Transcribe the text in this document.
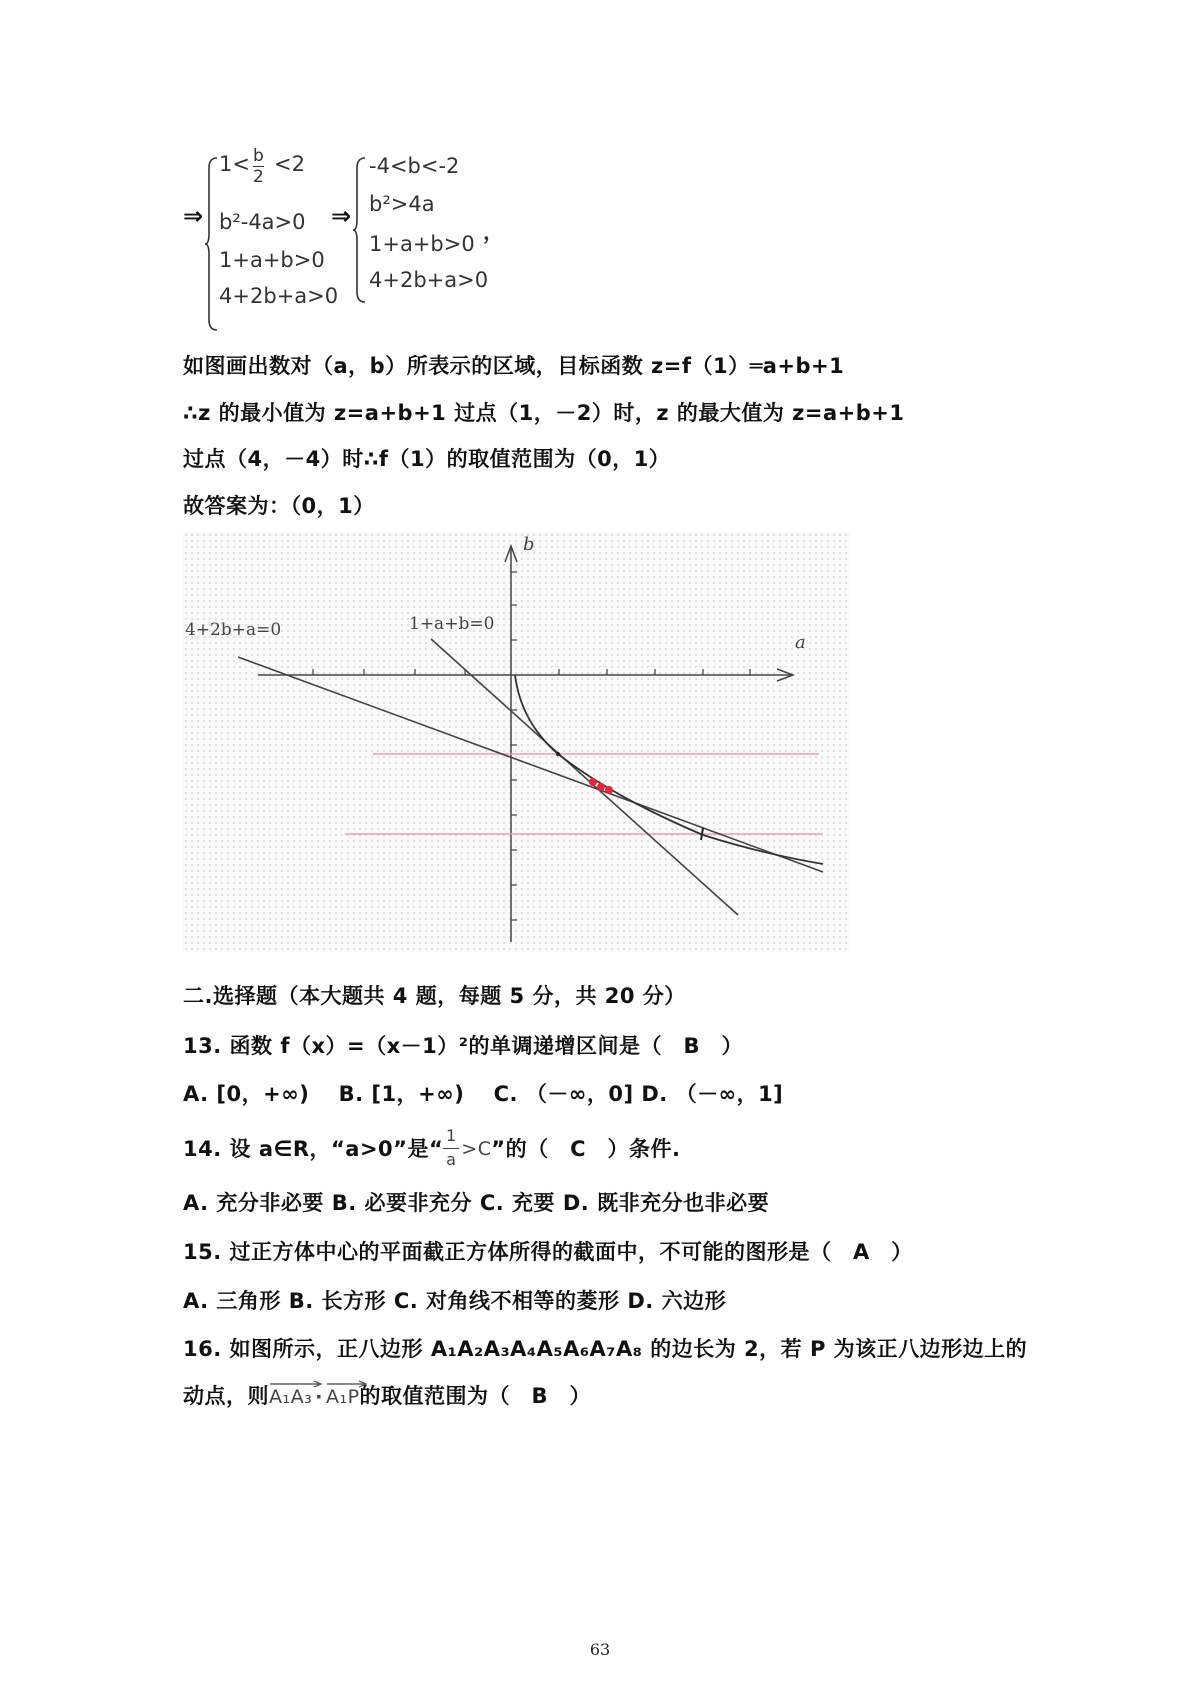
⇒
1< <2
$\frac{b}{2}$
b²-4a>0
1+a+b>0
4+2b+a>0
⇒
-4<b<-2
b²>4a
1+a+b>0
4+2b+a>0
，
如图画出数对（a，b）所表示的区域，目标函数 z=f（1）═a+b+1
∴z 的最小值为 z=a+b+1 过点（1，－2）时，z 的最大值为 z=a+b+1
过点（4，－4）时∴f（1）的取值范围为（0，1）
故答案为：（0，1）
b
a
4+2b+a=0	1+a+b=0
二.选择题（本大题共 4 题，每题 5 分，共 20 分）
13. 函数 f（x）=（x－1）²的单调递增区间是（　B　）
A. [0，+∞)　 B. [1，+∞)　 C. （－∞，0] D. （－∞，1]
14. 设 a∈R，“a>0”是“
1
a >C ”的（　C　）条件.
A. 充分非必要 B. 必要非充分 C. 充要 D. 既非充分也非必要
15. 过正方体中心的平面截正方体所得的截面中，不可能的图形是（　A　）
A. 三角形 B. 长方形 C. 对角线不相等的菱形 D. 六边形
16. 如图所示，正八边形 A₁A₂A₃A₄A₅A₆A₇A₈ 的边长为 2，若 P 为该正八边形边上的
动点，则
A₁A₃ · A₁P的取值范围为（　B　）
63
